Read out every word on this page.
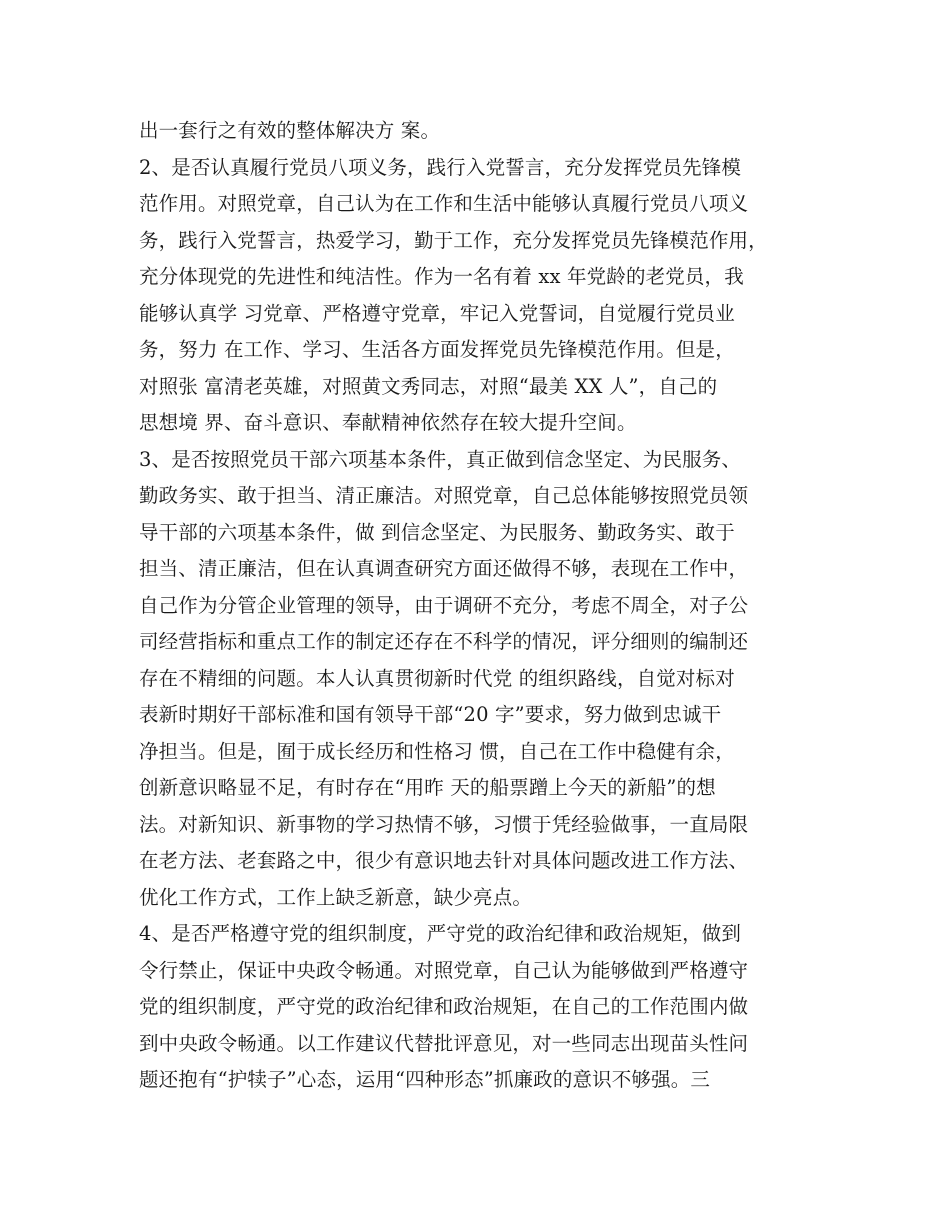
出一套行之有效的整体解决方 案。
2、是否认真履行党员八项义务，践行入党誓言，充分发挥党员先锋模
范作用。对照党章，自己认为在工作和生活中能够认真履行党员八项义
务，践行入党誓言，热爱学习，勤于工作，充分发挥党员先锋模范作用，
充分体现党的先进性和纯洁性。作为一名有着 xx 年党龄的老党员，我
能够认真学 习党章、严格遵守党章，牢记入党誓词，自觉履行党员业
务，努力 在工作、学习、生活各方面发挥党员先锋模范作用。但是，
对照张 富清老英雄，对照黄文秀同志，对照“最美 XX 人”，自己的
思想境 界、奋斗意识、奉献精神依然存在较大提升空间。
3、是否按照党员干部六项基本条件，真正做到信念坚定、为民服务、
勤政务实、敢于担当、清正廉洁。对照党章，自己总体能够按照党员领
导干部的六项基本条件，做 到信念坚定、为民服务、勤政务实、敢于
担当、清正廉洁，但在认真调查研究方面还做得不够，表现在工作中，
自己作为分管企业管理的领导，由于调研不充分，考虑不周全，对子公
司经营指标和重点工作的制定还存在不科学的情况，评分细则的编制还
存在不精细的问题。本人认真贯彻新时代党 的组织路线，自觉对标对
表新时期好干部标准和国有领导干部“20 字”要求，努力做到忠诚干
净担当。但是，囿于成长经历和性格习 惯，自己在工作中稳健有余，
创新意识略显不足，有时存在“用昨 天的船票蹭上今天的新船”的想
法。对新知识、新事物的学习热情不够，习惯于凭经验做事，一直局限
在老方法、老套路之中，很少有意识地去针对具体问题改进工作方法、
优化工作方式，工作上缺乏新意，缺少亮点。
4、是否严格遵守党的组织制度，严守党的政治纪律和政治规矩，做到
令行禁止，保证中央政令畅通。对照党章，自己认为能够做到严格遵守
党的组织制度，严守党的政治纪律和政治规矩，在自己的工作范围内做
到中央政令畅通。以工作建议代替批评意见，对一些同志出现苗头性问
题还抱有“护犊子”心态，运用“四种形态”抓廉政的意识不够强。三
